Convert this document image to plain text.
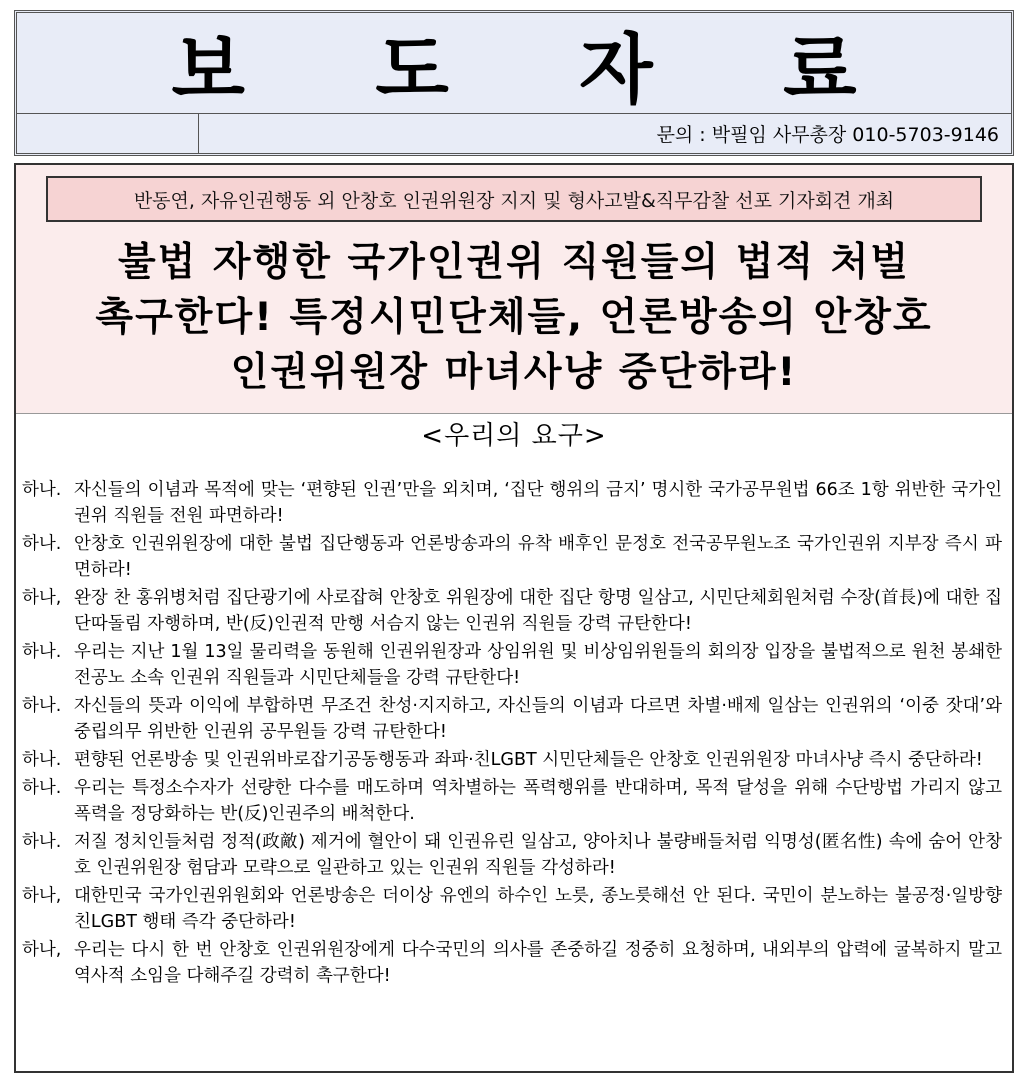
보 도 자 료
문의 : 박필임 사무총장 010-5703-9146
반동연, 자유인권행동 외 안창호 인권위원장 지지 및 형사고발&직무감찰 선포 기자회견 개최
불법 자행한 국가인권위 직원들의 법적 처벌
촉구한다! 특정시민단체들, 언론방송의 안창호
인권위원장 마녀사냥 중단하라!
<우리의 요구>
하나. 자신들의 이념과 목적에 맞는 ‘편향된 인권’만을 외치며, ‘집단 행위의 금지’ 명시한 국가공무원법 66조 1항 위반한 국가인권위 직원들 전원 파면하라!
하나. 안창호 인권위원장에 대한 불법 집단행동과 언론방송과의 유착 배후인 문정호 전국공무원노조 국가인권위 지부장 즉시 파면하라!
하나, 완장 찬 홍위병처럼 집단광기에 사로잡혀 안창호 위원장에 대한 집단 항명 일삼고, 시민단체회원처럼 수장(首長)에 대한 집단따돌림 자행하며, 반(反)인권적 만행 서슴지 않는 인권위 직원들 강력 규탄한다!
하나. 우리는 지난 1월 13일 물리력을 동원해 인권위원장과 상임위원 및 비상임위원들의 회의장 입장을 불법적으로 원천 봉쇄한 전공노 소속 인권위 직원들과 시민단체들을 강력 규탄한다!
하나. 자신들의 뜻과 이익에 부합하면 무조건 찬성·지지하고, 자신들의 이념과 다르면 차별·배제 일삼는 인권위의 ‘이중 잣대’와 중립의무 위반한 인권위 공무원들 강력 규탄한다!
하나. 편향된 언론방송 및 인권위바로잡기공동행동과 좌파·친LGBT 시민단체들은 안창호 인권위원장 마녀사냥 즉시 중단하라!
하나. 우리는 특정소수자가 선량한 다수를 매도하며 역차별하는 폭력행위를 반대하며, 목적 달성을 위해 수단방법 가리지 않고 폭력을 정당화하는 반(反)인권주의 배척한다.
하나. 저질 정치인들처럼 정적(政敵) 제거에 혈안이 돼 인권유린 일삼고, 양아치나 불량배들처럼 익명성(匿名性) 속에 숨어 안창호 인권위원장 험담과 모략으로 일관하고 있는 인권위 직원들 각성하라!
하나, 대한민국 국가인권위원회와 언론방송은 더이상 유엔의 하수인 노릇, 종노릇해선 안 된다. 국민이 분노하는 불공정·일방향 친LGBT 행태 즉각 중단하라!
하나, 우리는 다시 한 번 안창호 인권위원장에게 다수국민의 의사를 존중하길 정중히 요청하며, 내외부의 압력에 굴복하지 말고 역사적 소임을 다해주길 강력히 촉구한다!
